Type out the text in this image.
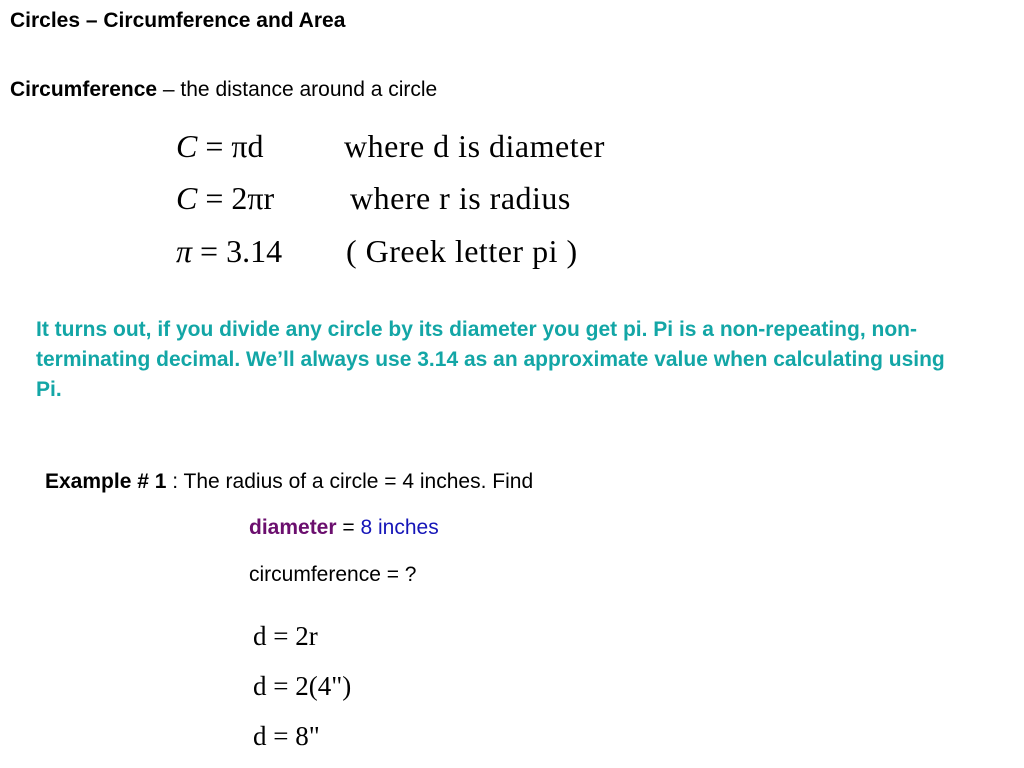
Circles – Circumference and Area
Circumference – the distance around a circle
C = πd	where d is diameter
C = 2πr where r is radius
π = 3.14 ( Greek letter pi )
It turns out, if you divide any circle by its diameter you get pi. Pi is a non-repeating, non-terminating decimal. We’ll always use 3.14 as an approximate value when calculating using Pi.
Example # 1 : The radius of a circle = 4 inches. Find
diameter = 8 inches
circumference = ?
d = 2r
d = 2(4")
d = 8"
